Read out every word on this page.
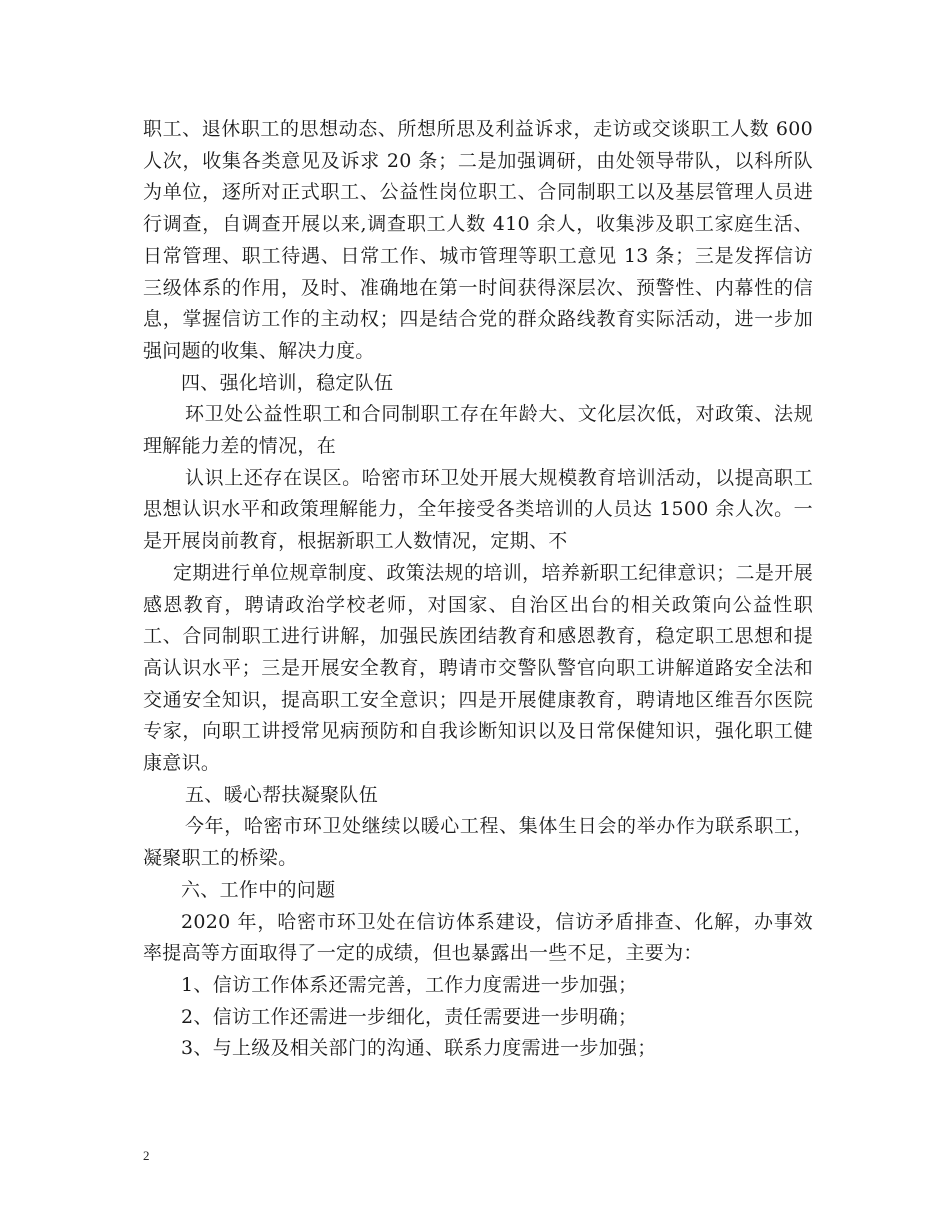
职工、退休职工的思想动态、所想所思及利益诉求，走访或交谈职工人数 600 人次，收集各类意见及诉求 20 条；二是加强调研，由处领导带队，以科所队为单位，逐所对正式职工、公益性岗位职工、合同制职工以及基层管理人员进行调查，自调查开展以来,调查职工人数 410 余人，收集涉及职工家庭生活、日常管理、职工待遇、日常工作、城市管理等职工意见 13 条；三是发挥信访三级体系的作用，及时、准确地在第一时间获得深层次、预警性、内幕性的信息，掌握信访工作的主动权；四是结合党的群众路线教育实际活动，进一步加强问题的收集、解决力度。

四、强化培训，稳定队伍

环卫处公益性职工和合同制职工存在年龄大、文化层次低，对政策、法规理解能力差的情况，在

认识上还存在误区。哈密市环卫处开展大规模教育培训活动，以提高职工思想认识水平和政策理解能力，全年接受各类培训的人员达 1500 余人次。一是开展岗前教育，根据新职工人数情况，定期、不

定期进行单位规章制度、政策法规的培训，培养新职工纪律意识；二是开展感恩教育，聘请政治学校老师，对国家、自治区出台的相关政策向公益性职工、合同制职工进行讲解，加强民族团结教育和感恩教育，稳定职工思想和提高认识水平；三是开展安全教育，聘请市交警队警官向职工讲解道路安全法和交通安全知识，提高职工安全意识；四是开展健康教育，聘请地区维吾尔医院专家，向职工讲授常见病预防和自我诊断知识以及日常保健知识，强化职工健康意识。

五、暖心帮扶凝聚队伍

今年，哈密市环卫处继续以暖心工程、集体生日会的举办作为联系职工，凝聚职工的桥梁。

六、工作中的问题

2020 年，哈密市环卫处在信访体系建设，信访矛盾排查、化解，办事效率提高等方面取得了一定的成绩，但也暴露出一些不足，主要为：

1、信访工作体系还需完善，工作力度需进一步加强；

2、信访工作还需进一步细化，责任需要进一步明确；

3、与上级及相关部门的沟通、联系力度需进一步加强；

2
